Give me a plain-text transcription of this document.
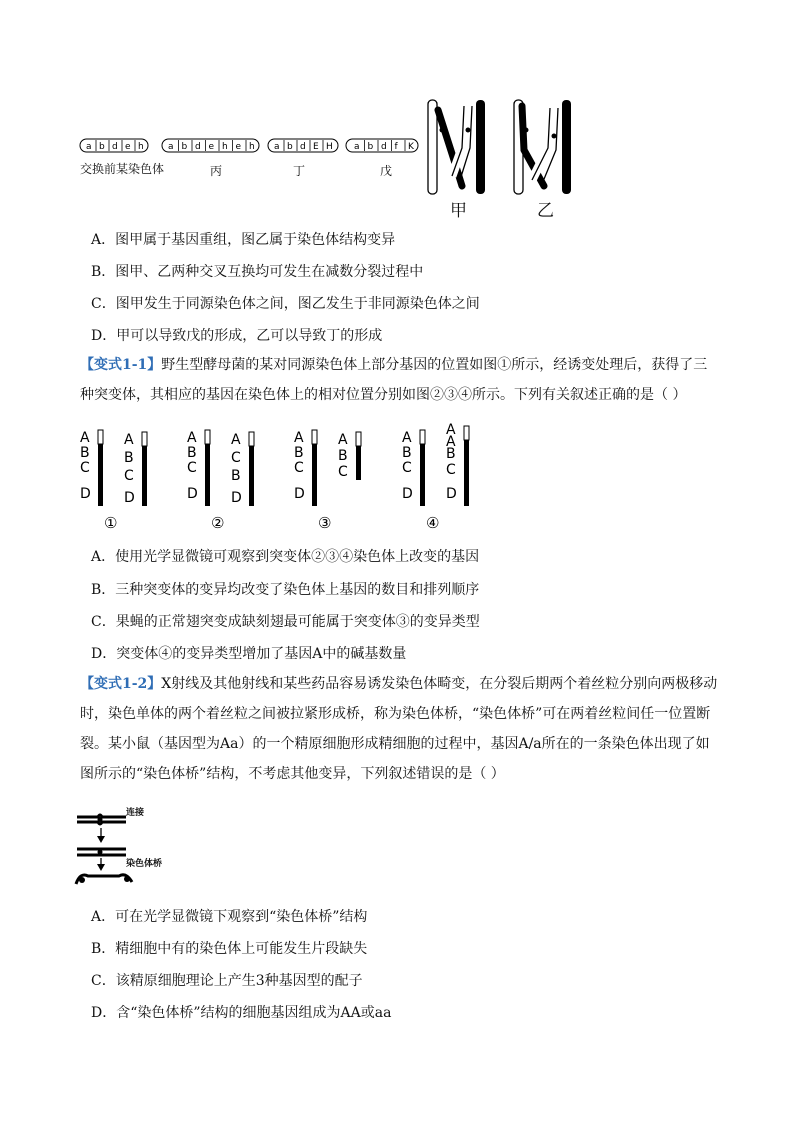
a b d e h	a b d e h e h a b d E H a b d f K
交换前某染色体	丙	丁	戊
甲	乙
A．图甲属于基因重组，图乙属于染色体结构变异
B．图甲、乙两种交叉互换均可发生在减数分裂过程中
C．图甲发生于同源染色体之间，图乙发生于非同源染色体之间
D．甲可以导致戊的形成，乙可以导致丁的形成
【变式1-1】野生型酵母菌的某对同源染色体上部分基因的位置如图①所示，经诱变处理后，获得了三种突变体，其相应的基因在染色体上的相对位置分别如图②③④所示。下列有关叙述正确的是（ ）
A
B
C
D
A
B
C
D
①
A
B
C
D
A
C
B
D
②
A
B
C
D
A
B
C
③
A
B
C
D
A
A
B
C
D
④
A．使用光学显微镜可观察到突变体②③④染色体上改变的基因
B．三种突变体的变异均改变了染色体上基因的数目和排列顺序
C．果蝇的正常翅突变成缺刻翅最可能属于突变体③的变异类型
D．突变体④的变异类型增加了基因A中的碱基数量
【变式1-2】X射线及其他射线和某些药品容易诱发染色体畸变，在分裂后期两个着丝粒分别向两极移动时，染色单体的两个着丝粒之间被拉紧形成桥，称为染色体桥，“染色体桥”可在两着丝粒间任一位置断裂。某小鼠（基因型为Aa）的一个精原细胞形成精细胞的过程中，基因A/a所在的一条染色体出现了如图所示的“染色体桥”结构，不考虑其他变异，下列叙述错误的是（ ）
连接
染色体桥
A．可在光学显微镜下观察到“染色体桥”结构
B．精细胞中有的染色体上可能发生片段缺失
C．该精原细胞理论上产生3种基因型的配子
D．含“染色体桥”结构的细胞基因组成为AA或aa
